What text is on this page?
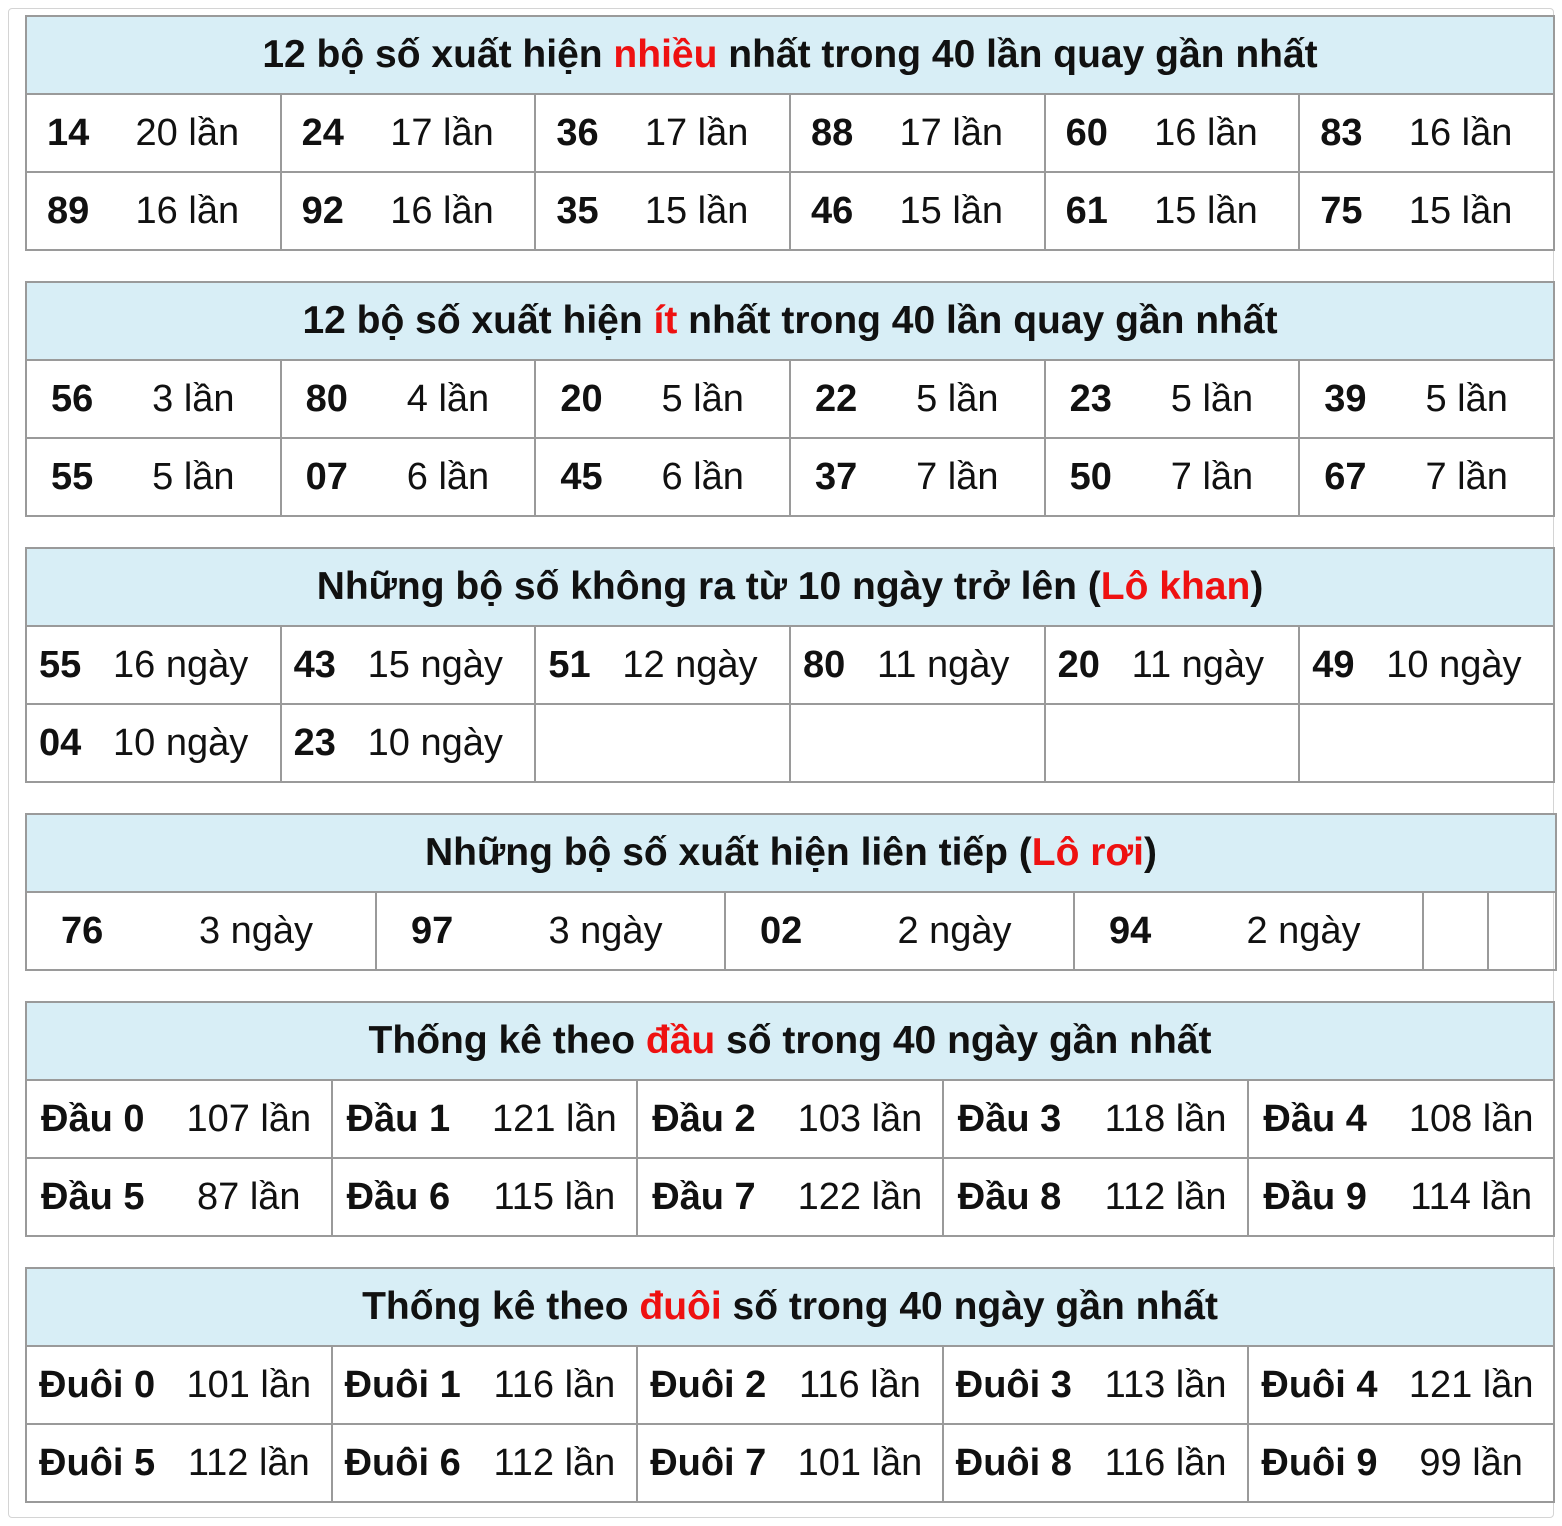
12 bộ số xuất hiện nhiều nhất trong 40 lần quay gần nhất					

14 20 lần	24 17 lần	36 17 lần	88 17 lần	60 16 lần	83 16 lần

89 16 lần	92 16 lần	35 15 lần	46 15 lần	61 15 lần	75 15 lần
12 bộ số xuất hiện ít nhất trong 40 lần quay gần nhất					

56 3 lần	80 4 lần	20 5 lần	22 5 lần	23 5 lần	39 5 lần

55 5 lần	07 6 lần	45 6 lần	37 7 lần	50 7 lần	67 7 lần
Những bộ số không ra từ 10 ngày trở lên (Lô khan)					

55 16 ngày	43 15 ngày	51 12 ngày	80 11 ngày	20 11 ngày	49 10 ngày

04 10 ngày	23 10 ngày				

Những bộ số xuất hiện liên tiếp (Lô rơi)

76	3 ngày	97	3 ngày	02	2 ngày	94	2 ngày

Thống kê theo đầu số trong 40 ngày gần nhất				

Đầu 0 107 lần	Đầu 1 121 lần	Đầu 2 103 lần	Đầu 3 118 lần	Đầu 4 108 lần

Đầu 5 87 lần	Đầu 6 115 lần	Đầu 7 122 lần	Đầu 8 112 lần	Đầu 9 114 lần
Thống kê theo đuôi số trong 40 ngày gần nhất				

Đuôi 0 101 lần	Đuôi 1 116 lần	Đuôi 2 116 lần	Đuôi 3 113 lần	Đuôi 4 121 lần

Đuôi 5 112 lần	Đuôi 6 112 lần	Đuôi 7 101 lần	Đuôi 8 116 lần	Đuôi 9 99 lần
